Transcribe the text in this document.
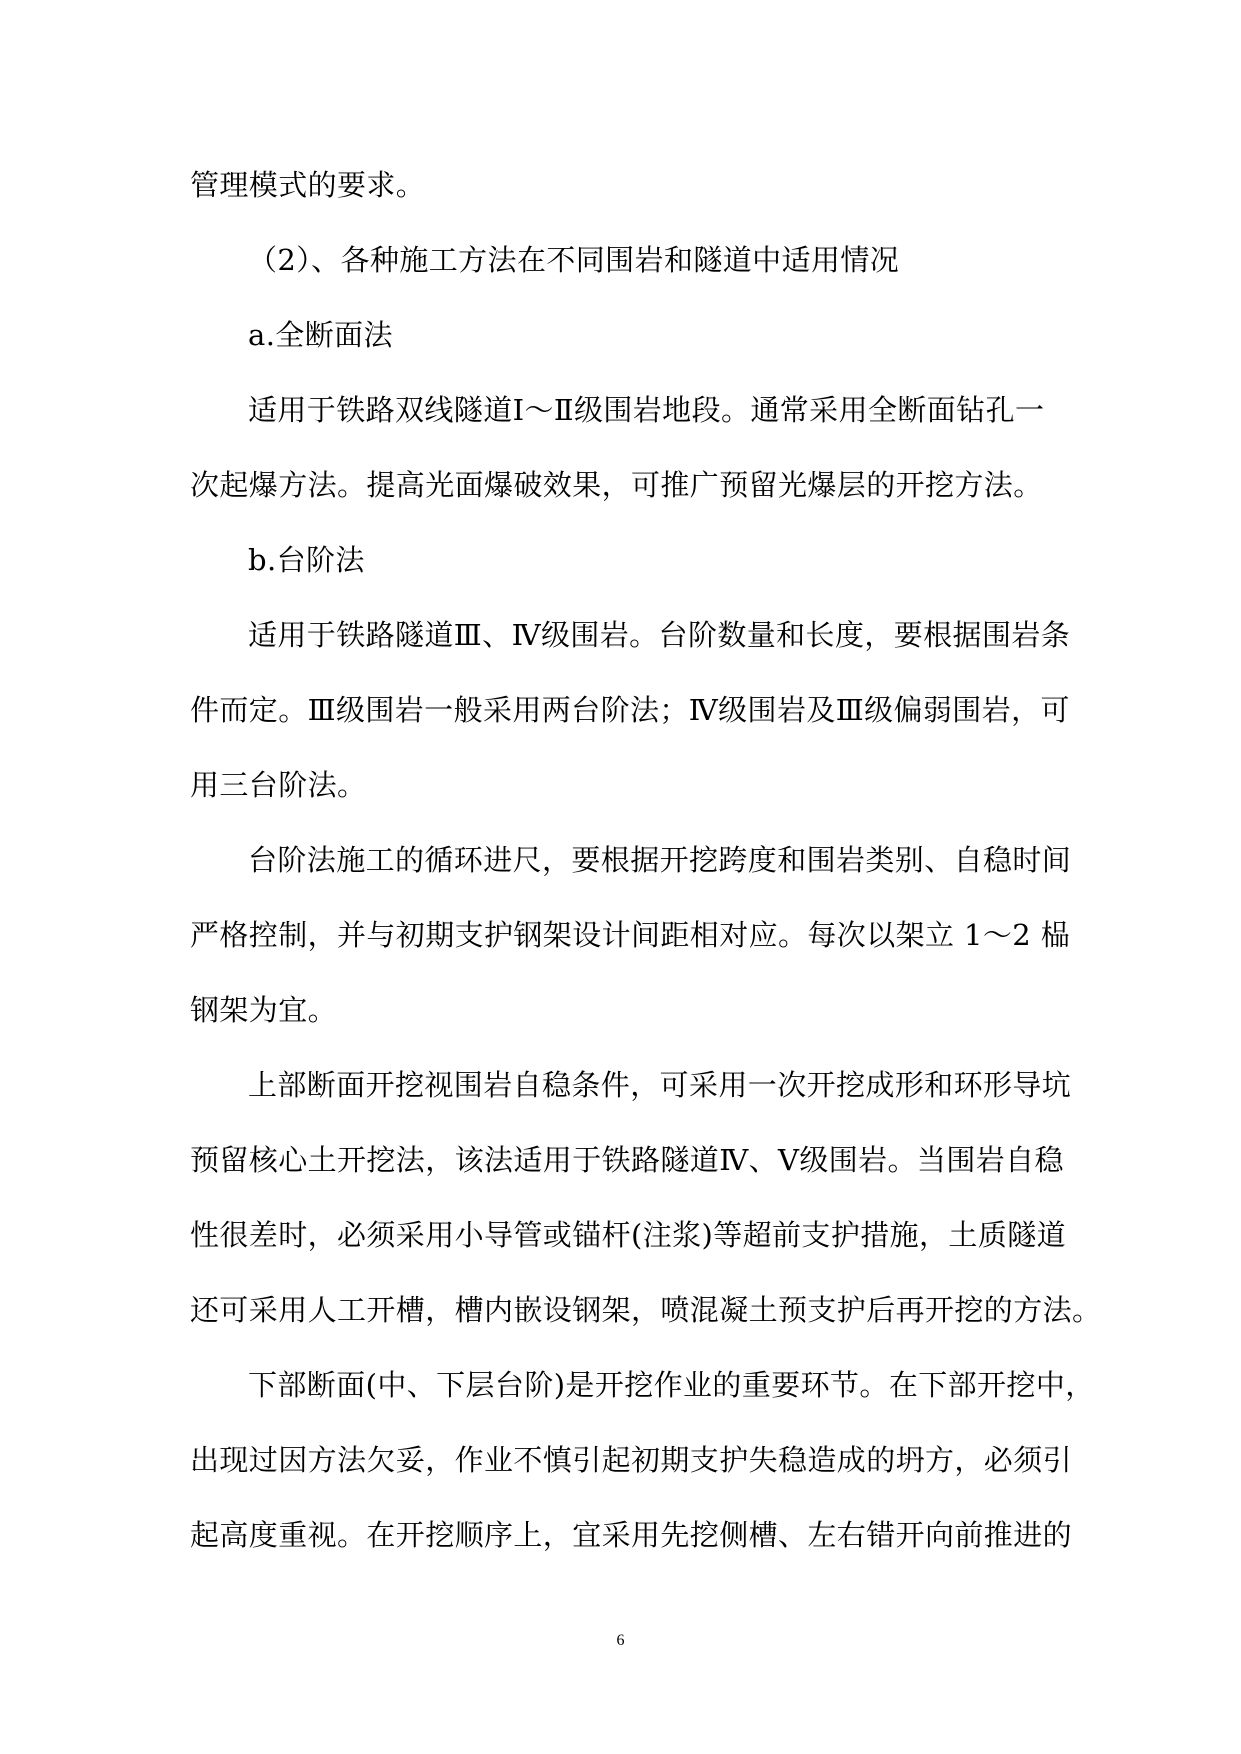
管理模式的要求。
（2）、各种施工方法在不同围岩和隧道中适用情况
a.全断面法
适用于铁路双线隧道Ⅰ～Ⅱ级围岩地段。通常采用全断面钻孔一
次起爆方法。提高光面爆破效果，可推广预留光爆层的开挖方法。
b.台阶法
适用于铁路隧道Ⅲ、Ⅳ级围岩。台阶数量和长度，要根据围岩条
件而定。Ⅲ级围岩一般采用两台阶法；Ⅳ级围岩及Ⅲ级偏弱围岩，可
用三台阶法。
台阶法施工的循环进尺，要根据开挖跨度和围岩类别、自稳时间
严格控制，并与初期支护钢架设计间距相对应。每次以架立 1～2 榀
钢架为宜。
上部断面开挖视围岩自稳条件，可采用一次开挖成形和环形导坑
预留核心土开挖法，该法适用于铁路隧道Ⅳ、Ⅴ级围岩。当围岩自稳
性很差时，必须采用小导管或锚杆(注浆)等超前支护措施，土质隧道
还可采用人工开槽，槽内嵌设钢架，喷混凝土预支护后再开挖的方法。
下部断面(中、下层台阶)是开挖作业的重要环节。在下部开挖中，
出现过因方法欠妥，作业不慎引起初期支护失稳造成的坍方，必须引
起高度重视。在开挖顺序上，宜采用先挖侧槽、左右错开向前推进的
6
